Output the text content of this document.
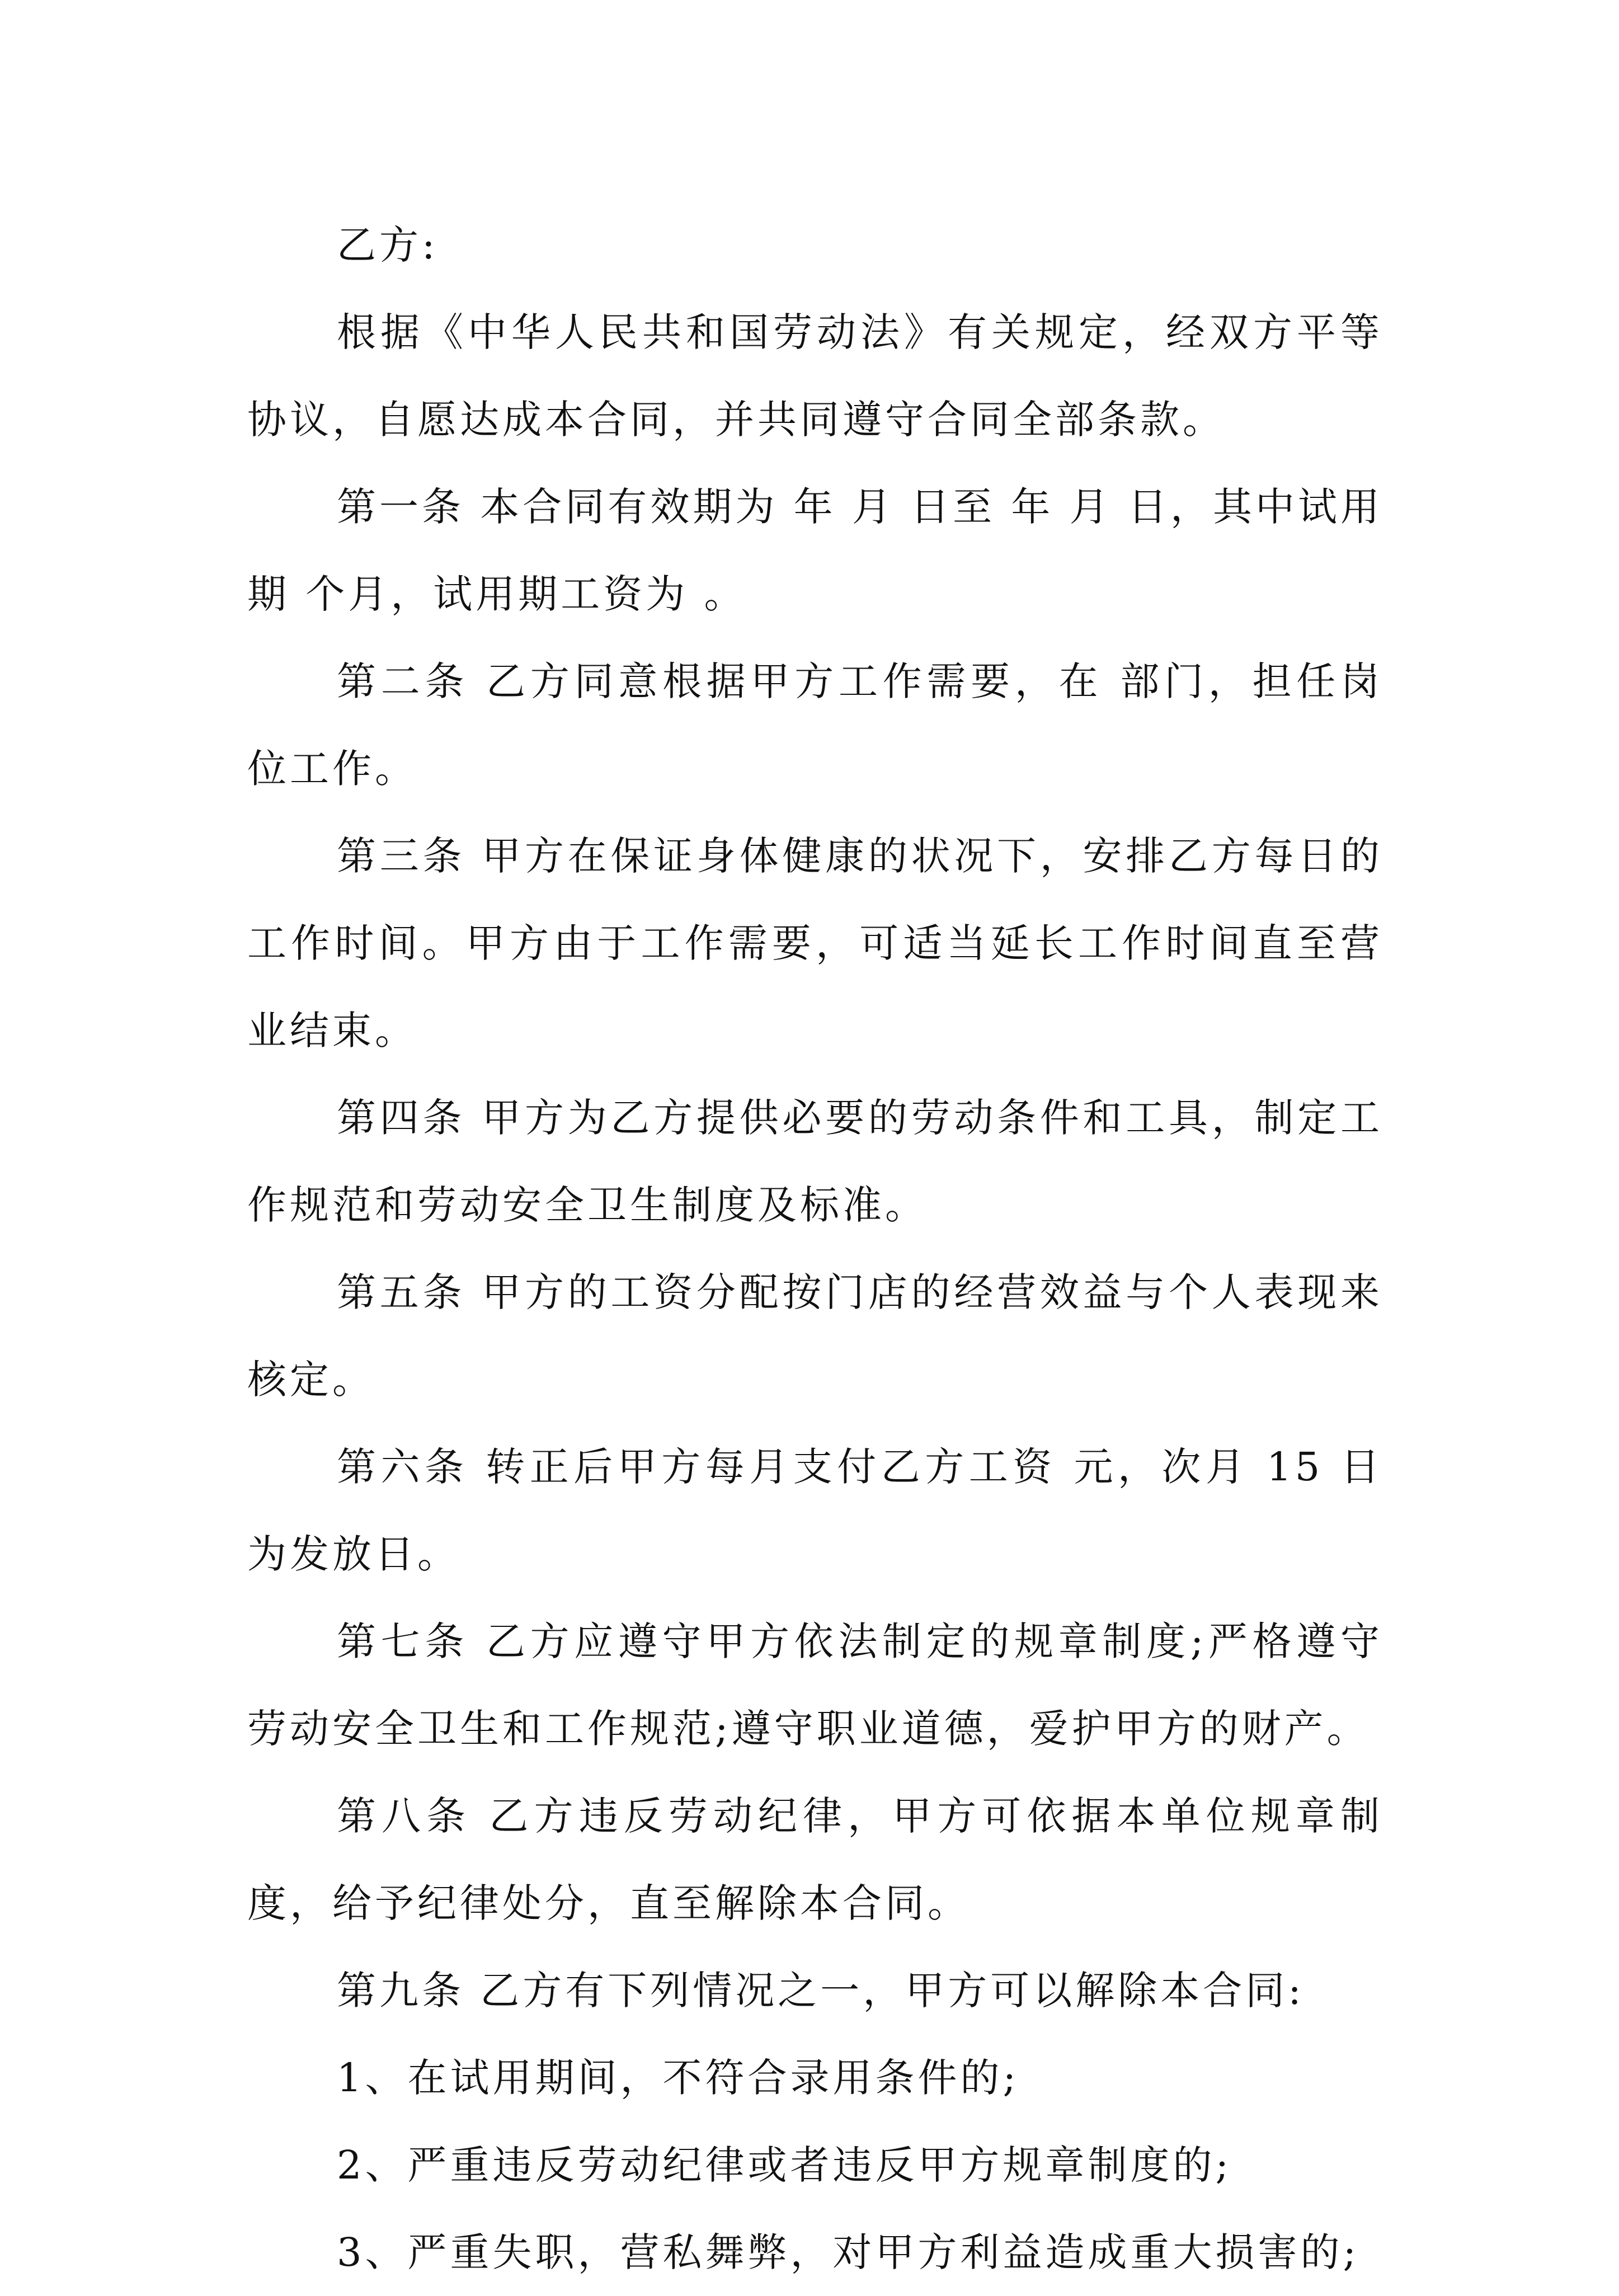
乙方:

根据《中华人民共和国劳动法》有关规定，经双方平等协议，自愿达成本合同，并共同遵守合同全部条款。

第一条 本合同有效期为 年 月 日至 年 月 日，其中试用期 个月，试用期工资为 。

第二条 乙方同意根据甲方工作需要，在 部门，担任岗位工作。

第三条 甲方在保证身体健康的状况下，安排乙方每日的工作时间。甲方由于工作需要，可适当延长工作时间直至营业结束。

第四条 甲方为乙方提供必要的劳动条件和工具，制定工作规范和劳动安全卫生制度及标准。

第五条 甲方的工资分配按门店的经营效益与个人表现来核定。

第六条 转正后甲方每月支付乙方工资 元，次月 15 日为发放日。

第七条 乙方应遵守甲方依法制定的规章制度;严格遵守劳动安全卫生和工作规范;遵守职业道德，爱护甲方的财产。

第八条 乙方违反劳动纪律，甲方可依据本单位规章制度，给予纪律处分，直至解除本合同。

第九条 乙方有下列情况之一，甲方可以解除本合同:

1、在试用期间，不符合录用条件的;

2、严重违反劳动纪律或者违反甲方规章制度的;

3、严重失职，营私舞弊，对甲方利益造成重大损害的;
